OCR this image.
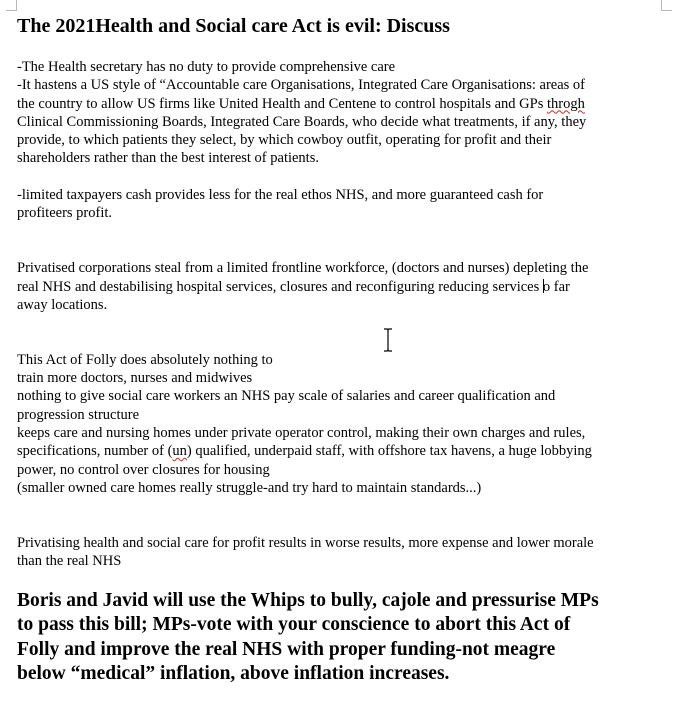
The 2021Health and Social care Act is evil: Discuss

-The Health secretary has no duty to provide comprehensive care
-It hastens a US style of “Accountable care Organisations, Integrated Care Organisations: areas of
the country to allow US firms like United Health and Centene to control hospitals and GPs throgh
Clinical Commissioning Boards, Integrated Care Boards, who decide what treatments, if any, they
provide, to which patients they select, by which cowboy outfit, operating for profit and their
shareholders rather than the best interest of patients.

-limited taxpayers cash provides less for the real ethos NHS, and more guaranteed cash for
profiteers profit.

Privatised corporations steal from a limited frontline workforce, (doctors and nurses) depleting the
real NHS and destabilising hospital services, closures and reconfiguring reducing services o far
away locations.

This Act of Folly does absolutely nothing to
train more doctors, nurses and midwives
nothing to give social care workers an NHS pay scale of salaries and career qualification and
progression structure
keeps care and nursing homes under private operator control, making their own charges and rules,
specifications, number of (un) qualified, underpaid staff, with offshore tax havens, a huge lobbying
power, no control over closures for housing
(smaller owned care homes really struggle-and try hard to maintain standards...)

Privatising health and social care for profit results in worse results, more expense and lower morale
than the real NHS

Boris and Javid will use the Whips to bully, cajole and pressurise MPs
to pass this bill; MPs-vote with your conscience to abort this Act of
Folly and improve the real NHS with proper funding-not meagre
below “medical” inflation, above inflation increases.
